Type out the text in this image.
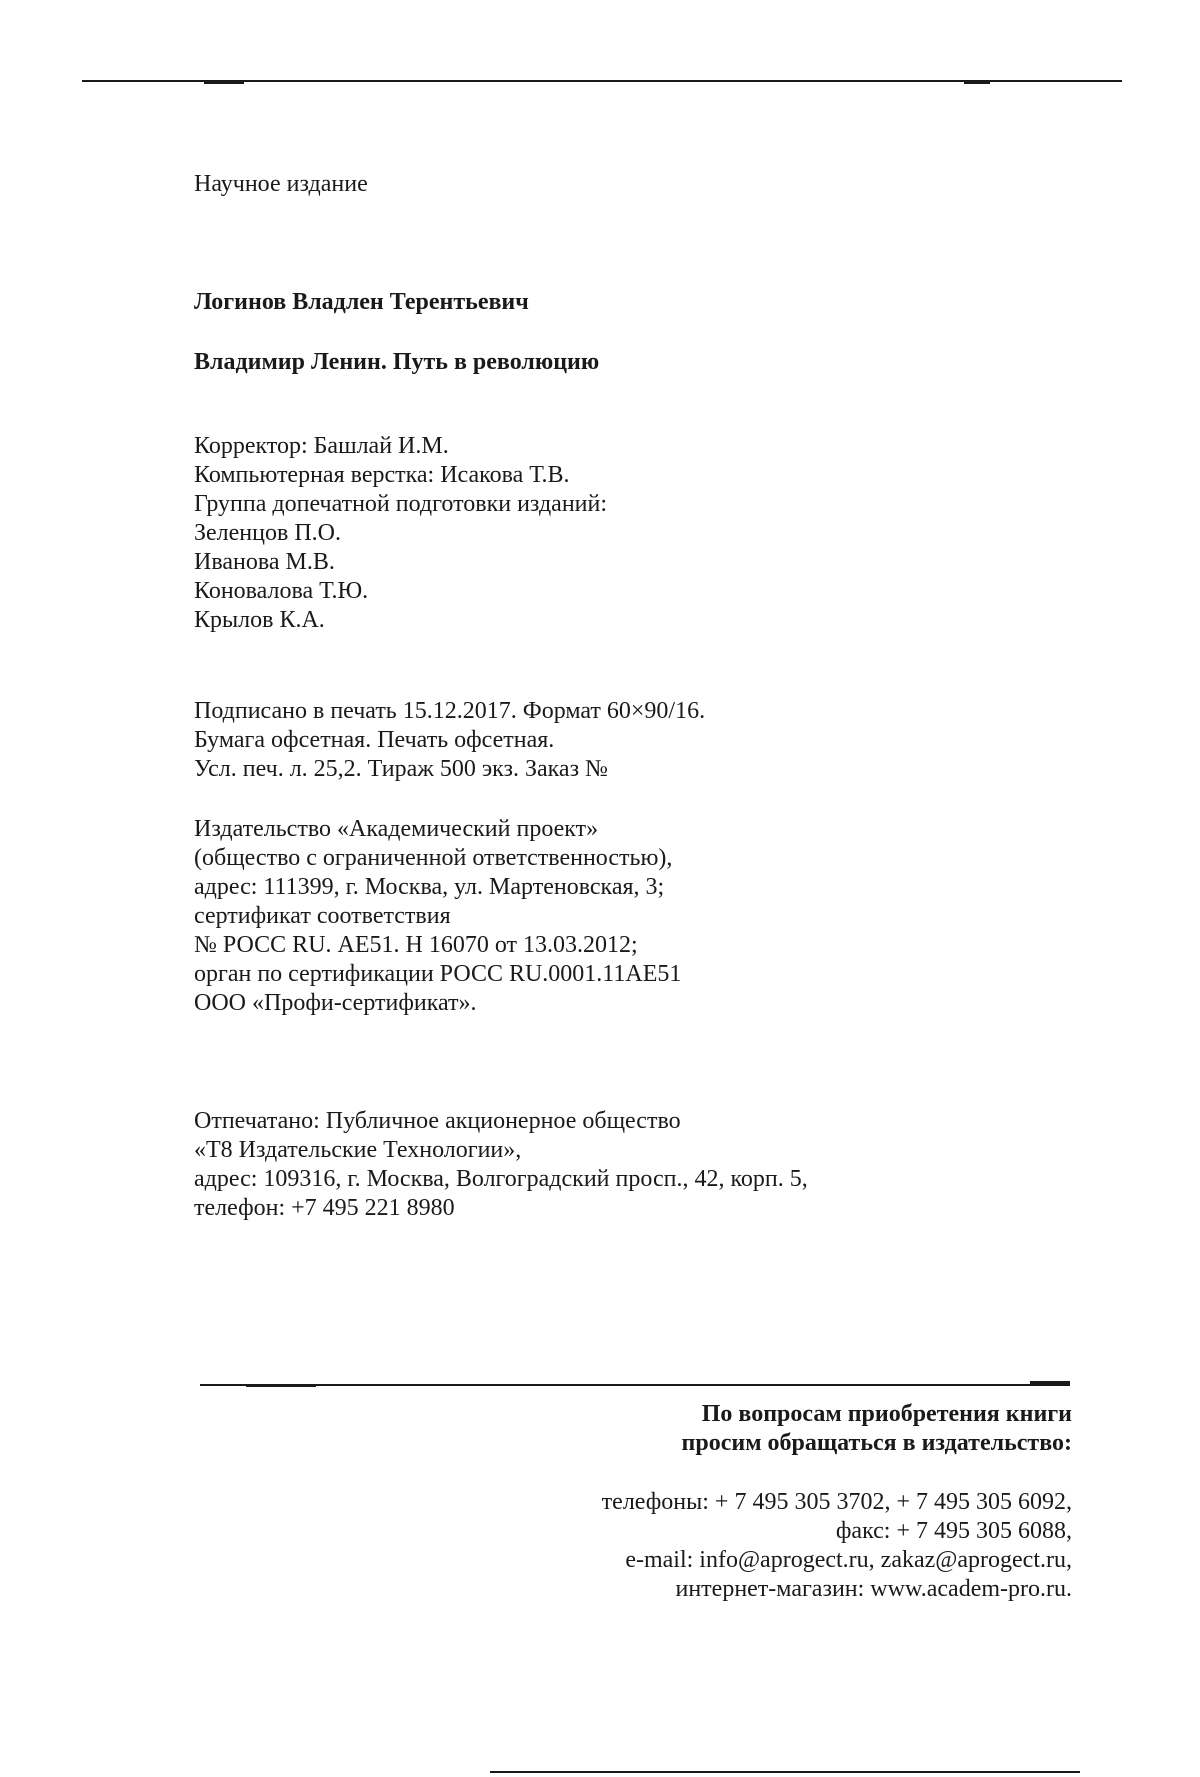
Научное издание
Логинов Владлен Терентьевич
Владимир Ленин. Путь в революцию
Корректор: Башлай И.М.
Компьютерная верстка: Исакова Т.В.
Группа допечатной подготовки изданий:
Зеленцов П.О.
Иванова М.В.
Коновалова Т.Ю.
Крылов К.А.
Подписано в печать 15.12.2017. Формат 60×90/16.
Бумага офсетная. Печать офсетная.
Усл. печ. л. 25,2. Тираж 500 экз. Заказ №
Издательство «Академический проект»
(общество с ограниченной ответственностью),
адрес: 111399, г. Москва, ул. Мартеновская, 3;
сертификат соответствия
№ РОСС RU. АЕ51. Н 16070 от 13.03.2012;
орган по сертификации РОСС RU.0001.11АЕ51
ООО «Профи-сертификат».
Отпечатано: Публичное акционерное общество
«Т8 Издательские Технологии»,
адрес: 109316, г. Москва, Волгоградский просп., 42, корп. 5,
телефон: +7 495 221 8980
По вопросам приобретения книги
просим обращаться в издательство:
телефоны: + 7 495 305 3702, + 7 495 305 6092,
факс: + 7 495 305 6088,
e-mail: info@aprogect.ru, zakaz@aprogect.ru,
интернет-магазин: www.academ-pro.ru.
